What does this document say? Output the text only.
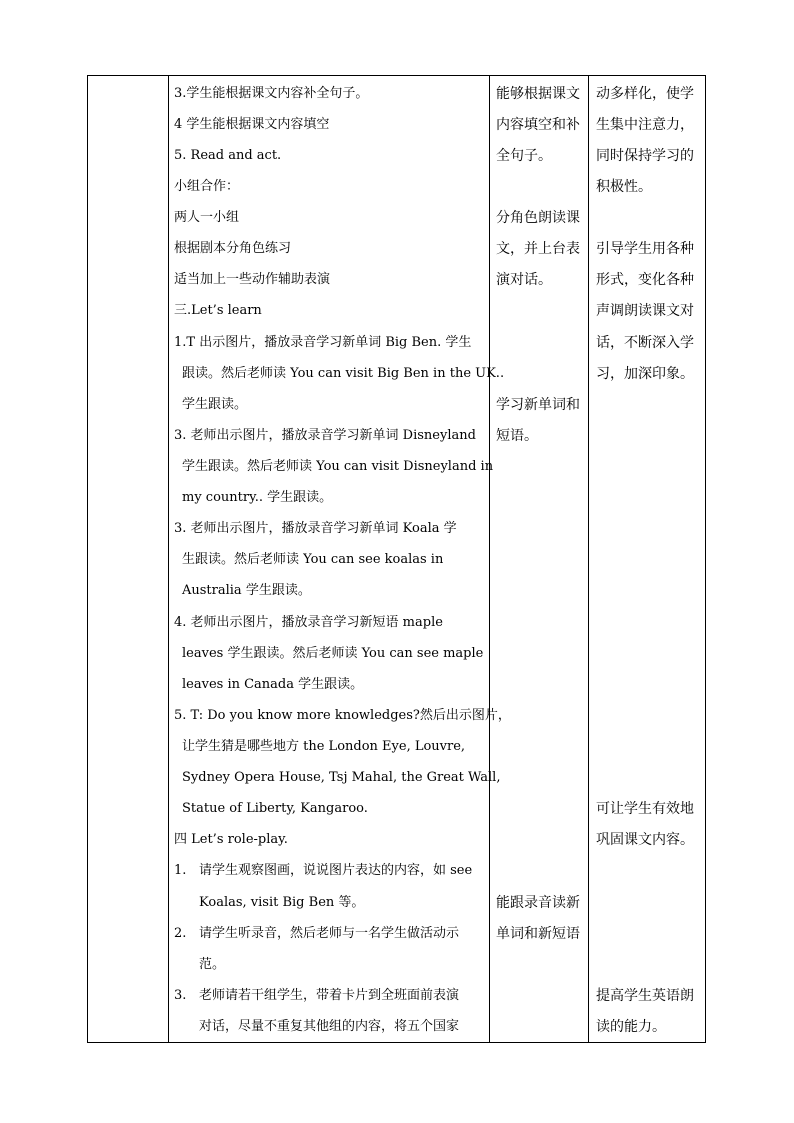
3.学生能根据课文内容补全句子。
4 学生能根据课文内容填空
5. Read and act.
小组合作：
两人一小组
根据剧本分角色练习
适当加上一些动作辅助表演
三.Let’s learn
1.T 出示图片，播放录音学习新单词 Big Ben. 学生
跟读。然后老师读 You can visit Big Ben in the UK..
学生跟读。
3. 老师出示图片，播放录音学习新单词 Disneyland
学生跟读。然后老师读 You can visit Disneyland in
my country.. 学生跟读。
3. 老师出示图片，播放录音学习新单词 Koala 学
生跟读。然后老师读 You can see koalas in
Australia 学生跟读。
4. 老师出示图片，播放录音学习新短语 maple
leaves 学生跟读。然后老师读 You can see maple
leaves in Canada 学生跟读。
5. T: Do you know more knowledges?然后出示图片，
让学生猜是哪些地方 the London Eye, Louvre,
Sydney Opera House, Tsj Mahal, the Great Wall,
Statue of Liberty, Kangaroo.
四 Let’s role-play.
1. 请学生观察图画，说说图片表达的内容，如 see
Koalas, visit Big Ben 等。
2. 请学生听录音，然后老师与一名学生做活动示
范。
3. 老师请若干组学生，带着卡片到全班面前表演
对话，尽量不重复其他组的内容，将五个国家
能够根据课文
内容填空和补
全句子。
分角色朗读课
文，并上台表
演对话。
学习新单词和
短语。
能跟录音读新
单词和新短语
动多样化，使学
生集中注意力，
同时保持学习的
积极性。
引导学生用各种
形式，变化各种
声调朗读课文对
话，不断深入学
习，加深印象。
可让学生有效地
巩固课文内容。
提高学生英语朗
读的能力。
